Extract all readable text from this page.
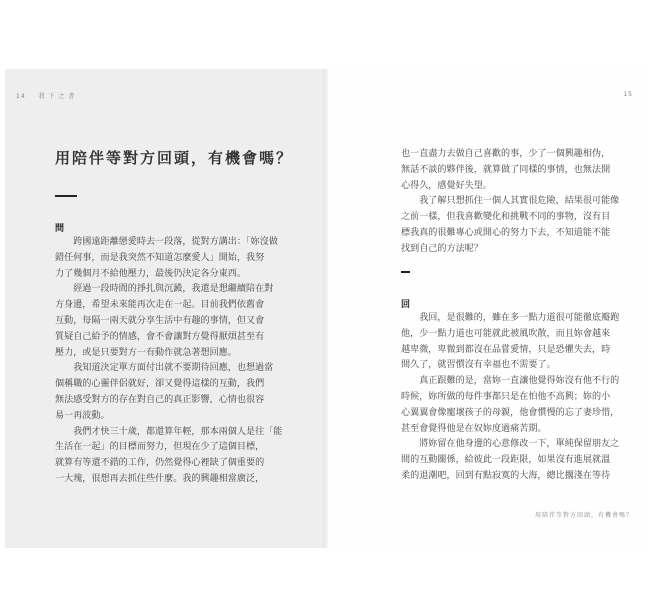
14 我 下 之 書
用陪伴等對方回頭，有機會嗎？
問

跨國遠距離戀愛時去一段落，從對方講出：「妳沒做

錯任何事，而是我突然不知道怎麼愛人」開始，我努

力了幾個月不給他壓力，最後仍決定各分東西。

經過一段時間的掙扎與沉澱，我還是想繼續陪在對

方身邊，希望未來能再次走在一起。目前我們依舊會

互動，每隔一兩天就分享生活中有趣的事情，但又會

質疑自己給予的情感，會不會讓對方覺得厭煩甚至有

壓力，或是只要對方一有動作就急著想回應。

我知道決定單方面付出就不要期待回應，也想過當

個稱職的心靈伴侶就好，卻又覺得這樣的互動，我們

無法感受對方的存在對自己的真正影響，心情也很容

易一再波動。

我們才快三十歲，都還算年輕，那本兩個人是往「能

生活在一起」的目標而努力，但現在少了這個目標，

就算有等還不錯的工作，仍然覺得心裡缺了個重要的

一大塊，很想再去抓住些什麼。我的興趣相當廣泛，

15

也一直盡力去做自己喜歡的事，少了一個興趣相伪，

無話不談的夥伴後，就算做了同樣的事情，也無法開

心得久，感覺好失望。

我了解只想抓住一個人其實很危險，結果很可能像

之前一樣，但我喜歡變化和挑戰不同的事物，沒有目

標我真的很難專心或開心的努力下去，不知道能不能

找到自己的方法呢？

回

我回，是很難的，雖在多一點力道很可能徹底瓣跑

他，少一點力道也可能就此被風吹散，而且妳會越來

越卑微，卑微到都沒在品嘗愛情，只是恐懼失去，時

間久了，就習慣沒有幸福也不需要了。

真正跟難的是，當妳一直讓他覺得妳沒有他不行的

時候，妳所做的每件事都只是在怕他不高興；妳的小

心翼翼會像寵壞孩子的母親，他會慣慢的忘了妻珍惜，

甚至會覺得他是在奴妳度過痛苦期。

將妳留在他身邊的心意修改一下，單純保留朋友之

間的互動關係，給彼此一段距限，如果沒有進展就溫

柔的退潮吧，回到有點寂寞的大海，總比擱淺在等待

用陪伴等對方回頭，有機會嗎？
